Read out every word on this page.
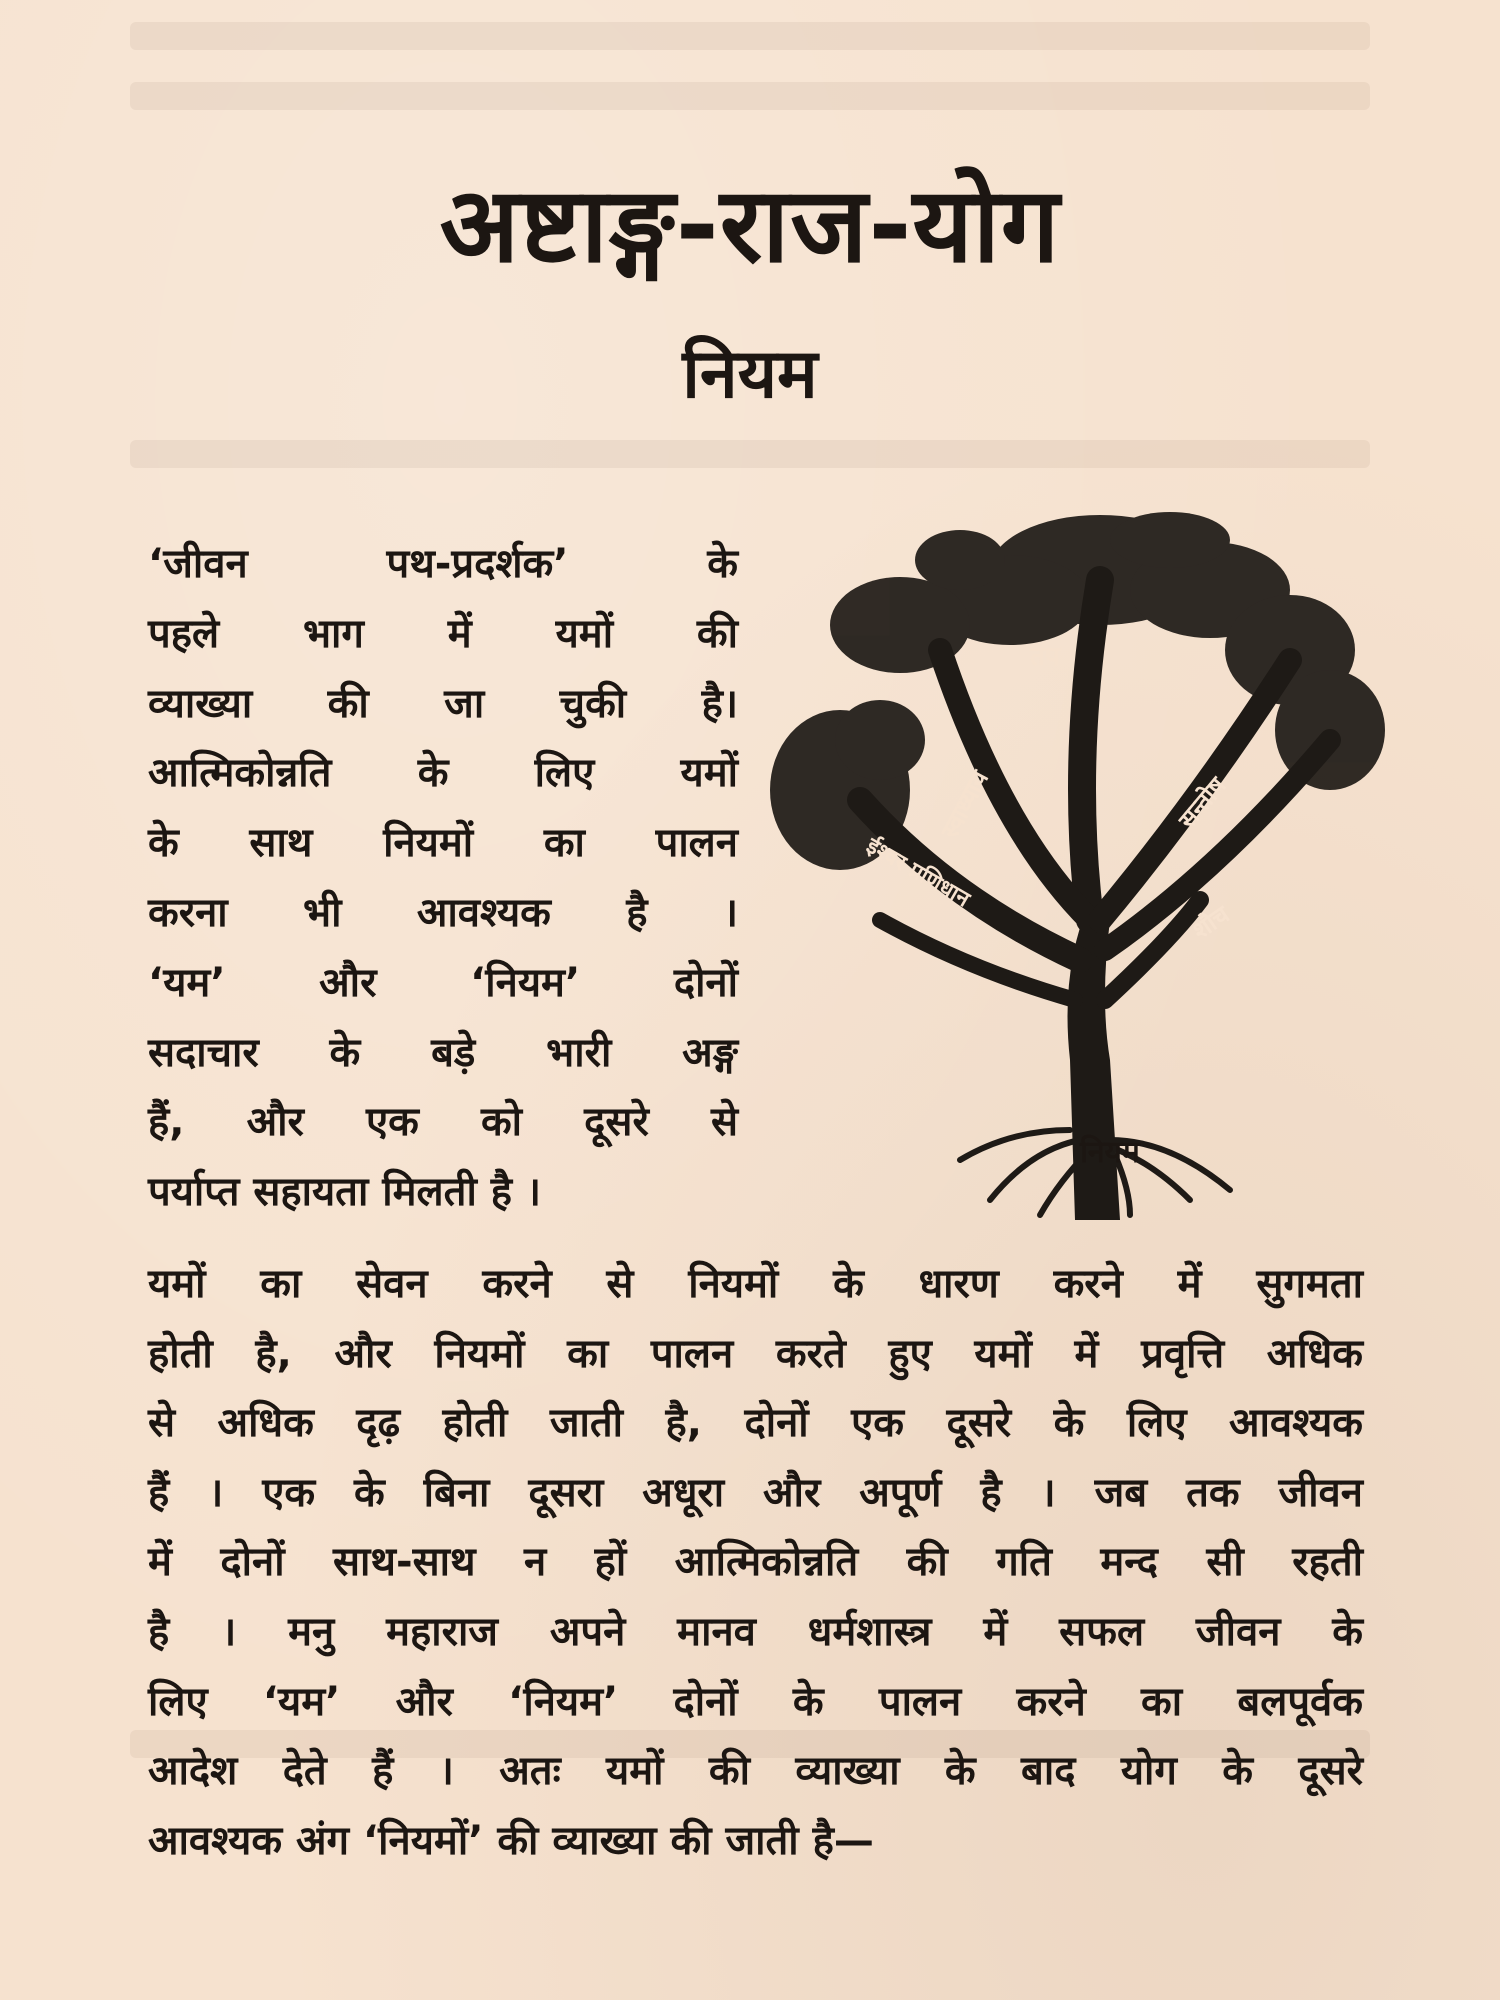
अष्टाङ्ग-राज-योग
नियम
‘जीवन पथ-प्रदर्शक’ के
पहले भाग में यमों की
व्याख्या की जा चुकी है।
आत्मिकोन्नति के लिए यमों
के साथ नियमों का पालन
करना भी आवश्यक है ।
‘यम’ और ‘नियम’ दोनों
सदाचार के बड़े भारी अङ्ग
हैं, और एक को दूसरे से
पर्याप्त सहायता मिलती है ।
तप
स्वाध्याय	सन्तोष
शौच
ईश्वर प्रणिधान
नियम
यमों का सेवन करने से नियमों के धारण करने में सुगमता
होती है, और नियमों का पालन करते हुए यमों में प्रवृत्ति अधिक
से अधिक दृढ़ होती जाती है, दोनों एक दूसरे के लिए आवश्यक
हैं । एक के बिना दूसरा अधूरा और अपूर्ण है । जब तक जीवन
में दोनों साथ-साथ न हों आत्मिकोन्नति की गति मन्द सी रहती
है । मनु महाराज अपने मानव धर्मशास्त्र में सफल जीवन के
लिए ‘यम’ और ‘नियम’ दोनों के पालन करने का बलपूर्वक
आदेश देते हैं । अतः यमों की व्याख्या के बाद योग के दूसरे
आवश्यक अंग ‘नियमों’ की व्याख्या की जाती है—
